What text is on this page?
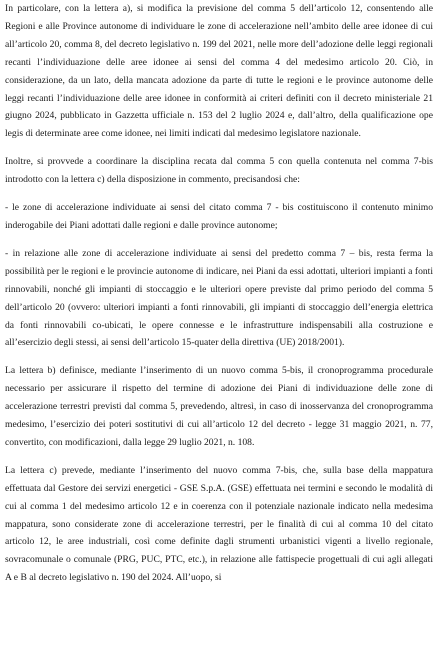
In particolare, con la lettera a), si modifica la previsione del comma 5 dell’articolo 12, consentendo alle Regioni e alle Province autonome di individuare le zone di accelerazione nell’ambito delle aree idonee di cui all’articolo 20, comma 8, del decreto legislativo n. 199 del 2021, nelle more dell’adozione delle leggi regionali recanti l’individuazione delle aree idonee ai sensi del comma 4 del medesimo articolo 20. Ciò, in considerazione, da un lato, della mancata adozione da parte di tutte le regioni e le province autonome delle leggi recanti l’individuazione delle aree idonee in conformità ai criteri definiti con il decreto ministeriale 21 giugno 2024, pubblicato in Gazzetta ufficiale n. 153 del 2 luglio 2024 e, dall’altro, della qualificazione ope legis di determinate aree come idonee, nei limiti indicati dal medesimo legislatore nazionale.

Inoltre, si provvede a coordinare la disciplina recata dal comma 5 con quella contenuta nel comma 7-bis introdotto con la lettera c) della disposizione in commento, precisandosi che:

- le zone di accelerazione individuate ai sensi del citato comma 7 - bis costituiscono il contenuto minimo inderogabile dei Piani adottati dalle regioni e dalle province autonome;

- in relazione alle zone di accelerazione individuate ai sensi del predetto comma 7 – bis, resta ferma la possibilità per le regioni e le provincie autonome di indicare, nei Piani da essi adottati, ulteriori impianti a fonti rinnovabili, nonché gli impianti di stoccaggio e le ulteriori opere previste dal primo periodo del comma 5 dell’articolo 20 (ovvero: ulteriori impianti a fonti rinnovabili, gli impianti di stoccaggio dell’energia elettrica da fonti rinnovabili co-ubicati, le opere connesse e le infrastrutture indispensabili alla costruzione e all’esercizio degli stessi, ai sensi dell’articolo 15-quater della direttiva (UE) 2018/2001).

La lettera b) definisce, mediante l’inserimento di un nuovo comma 5-bis, il cronoprogramma procedurale necessario per assicurare il rispetto del termine di adozione dei Piani di individuazione delle zone di accelerazione terrestri previsti dal comma 5, prevedendo, altresì, in caso di inosservanza del cronoprogramma medesimo, l’esercizio dei poteri sostitutivi di cui all’articolo 12 del decreto - legge 31 maggio 2021, n. 77, convertito, con modificazioni, dalla legge 29 luglio 2021, n. 108.

La lettera c) prevede, mediante l’inserimento del nuovo comma 7-bis, che, sulla base della mappatura effettuata dal Gestore dei servizi energetici - GSE S.p.A. (GSE) effettuata nei termini e secondo le modalità di cui al comma 1 del medesimo articolo 12 e in coerenza con il potenziale nazionale indicato nella medesima mappatura, sono considerate zone di accelerazione terrestri, per le finalità di cui al comma 10 del citato articolo 12, le aree industriali, così come definite dagli strumenti urbanistici vigenti a livello regionale, sovracomunale o comunale (PRG, PUC, PTC, etc.), in relazione alle fattispecie progettuali di cui agli allegati A e B al decreto legislativo n. 190 del 2024. All’uopo, si
